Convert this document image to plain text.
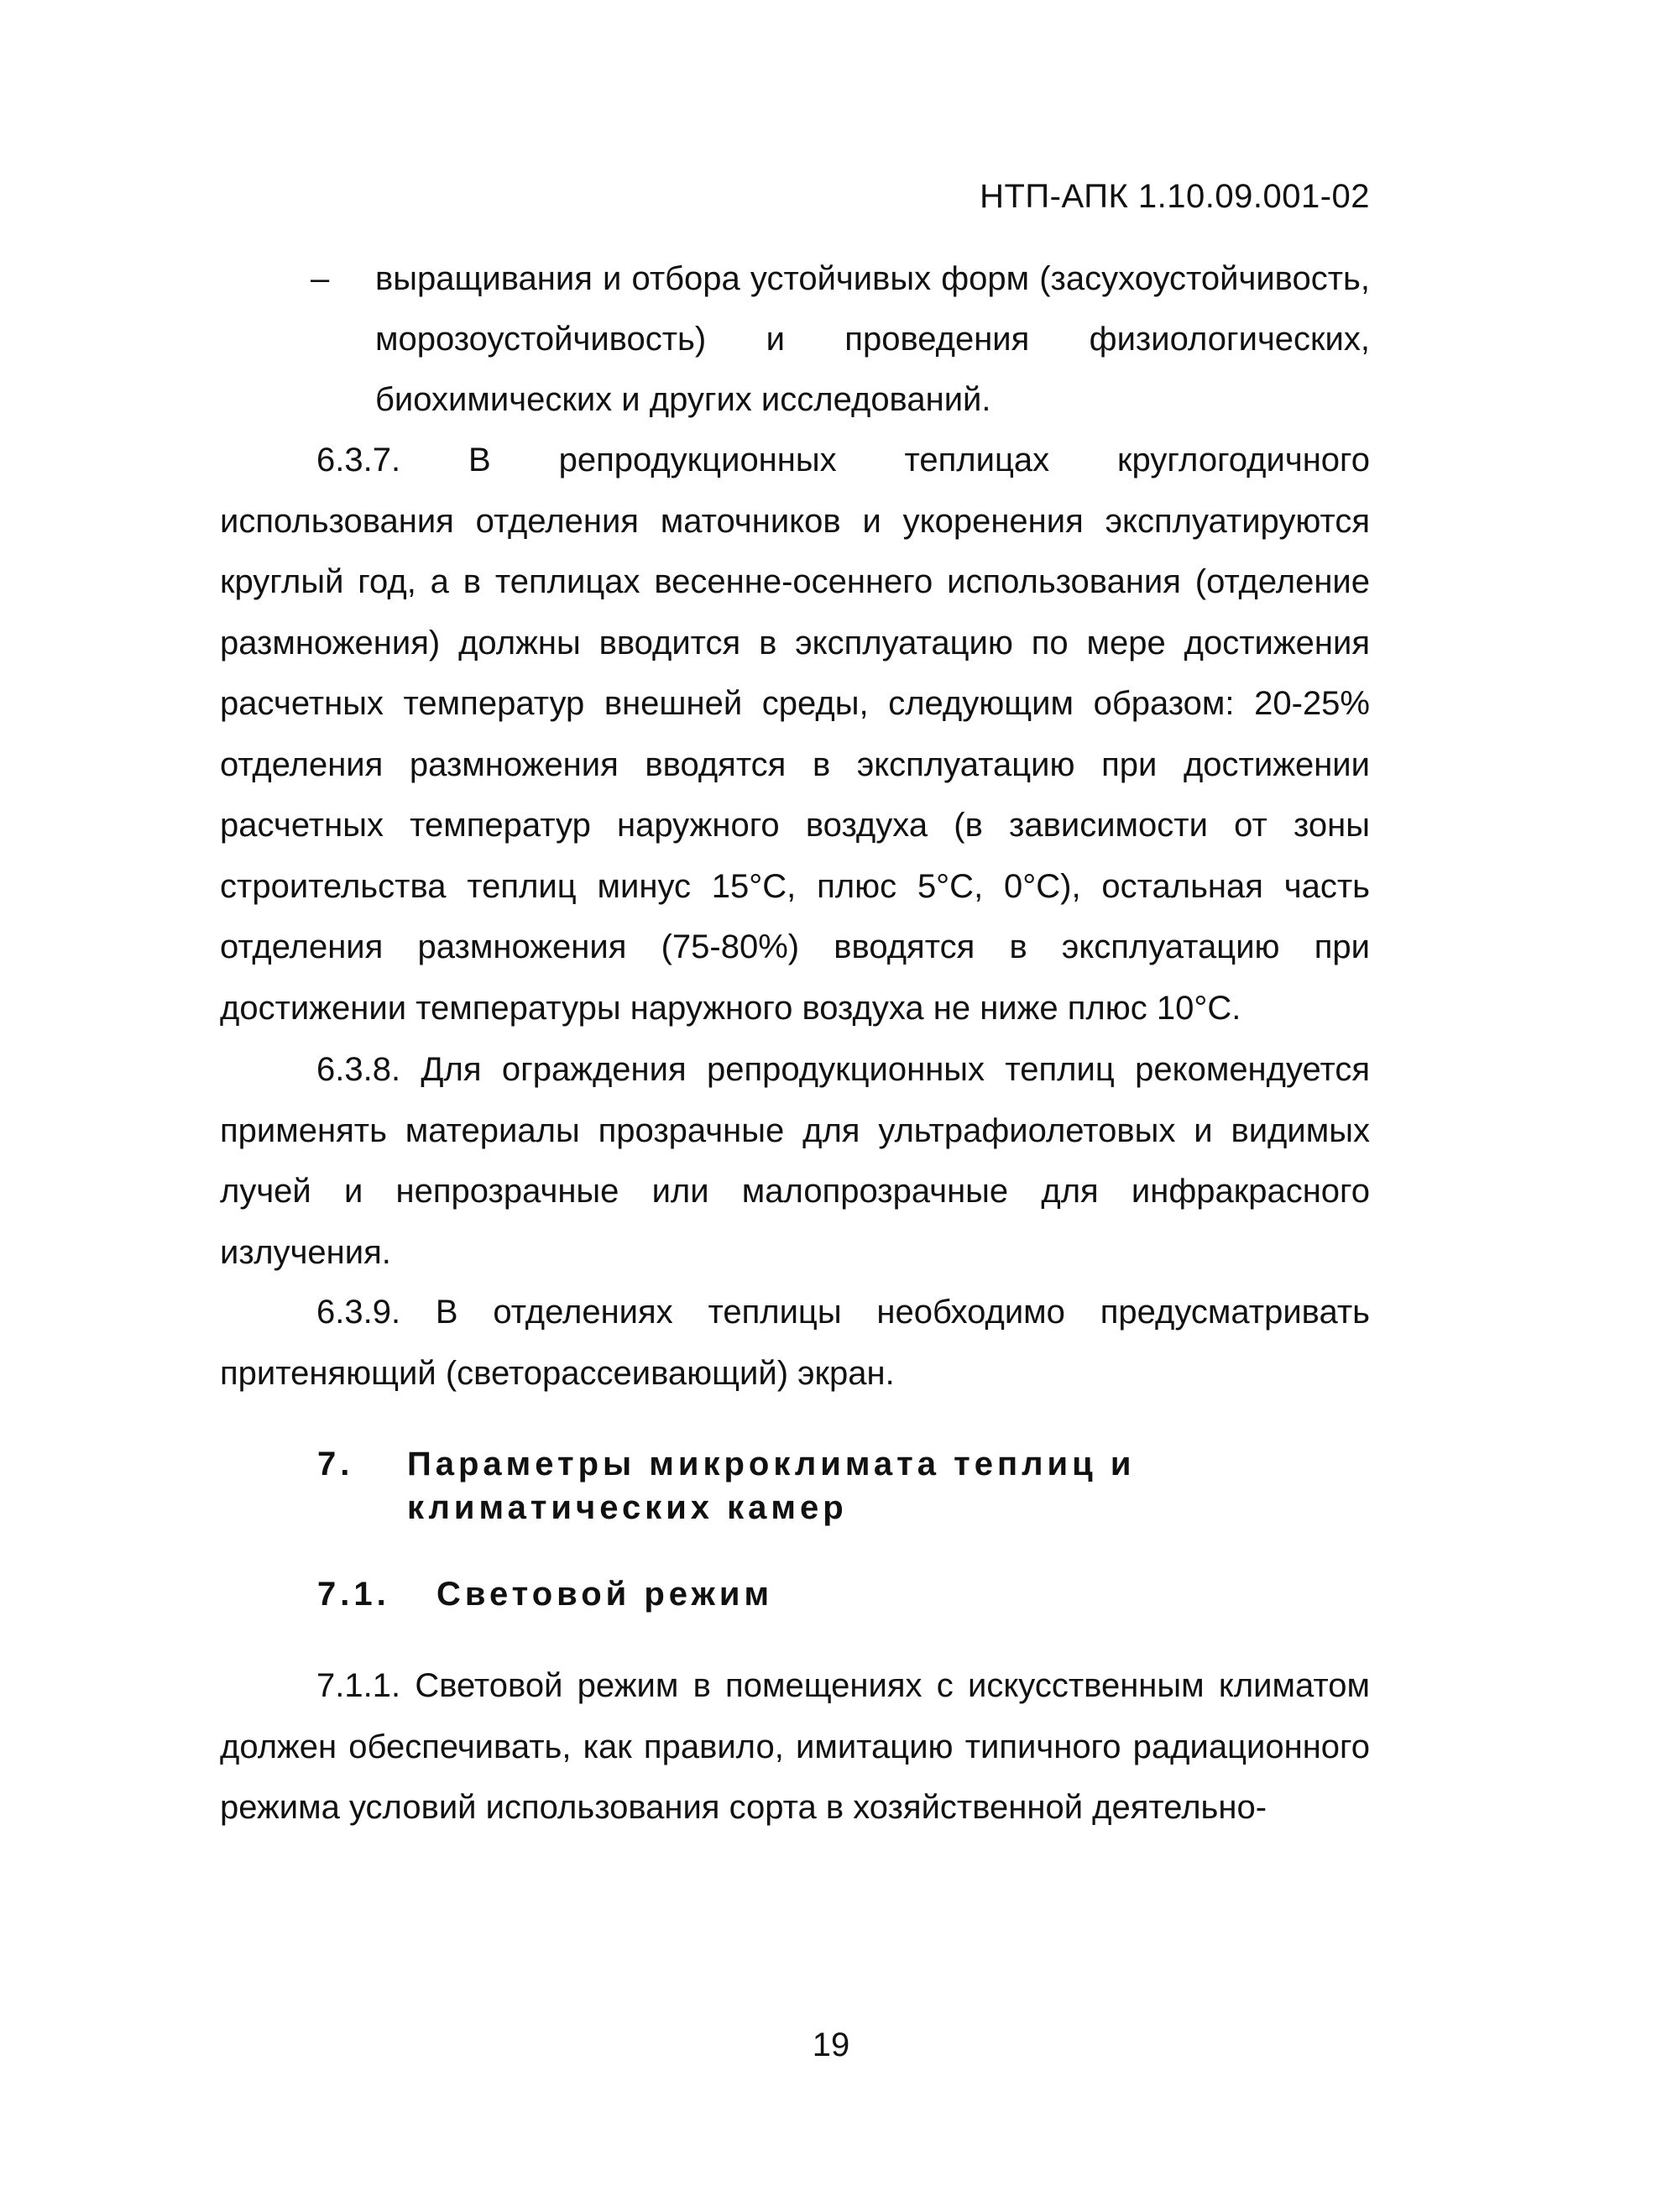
НТП-АПК 1.10.09.001-02
– выращивания и отбора устойчивых форм (засухоустойчивость, морозоустойчивость) и проведения физиологических, биохимических и других исследований.

6.3.7. В репродукционных теплицах круглогодичного использования отделения маточников и укоренения эксплуатируются круглый год, а в теплицах весенне-осеннего использования (отделение размножения) должны вводится в эксплуатацию по мере достижения расчетных температур внешней среды, следующим образом: 20-25% отделения размножения вводятся в эксплуатацию при достижении расчетных температур наружного воздуха (в зависимости от зоны строительства теплиц минус 15°С, плюс 5°С, 0°С), остальная часть отделения размножения (75-80%) вводятся в эксплуатацию при достижении температуры наружного воздуха не ниже плюс 10°С.

6.3.8. Для ограждения репродукционных теплиц рекомендуется применять материалы прозрачные для ультрафиолетовых и видимых лучей и непрозрачные или малопрозрачные для инфракрасного излучения.

6.3.9. В отделениях теплицы необходимо предусматривать притеняющий (светорассеивающий) экран.

7. Параметры микроклимата теплиц и
климатических камер
7.1. Световой режим

7.1.1. Световой режим в помещениях с искусственным климатом должен обеспечивать, как правило, имитацию типичного радиационного режима условий использования сорта в хозяйственной деятельно-

19
